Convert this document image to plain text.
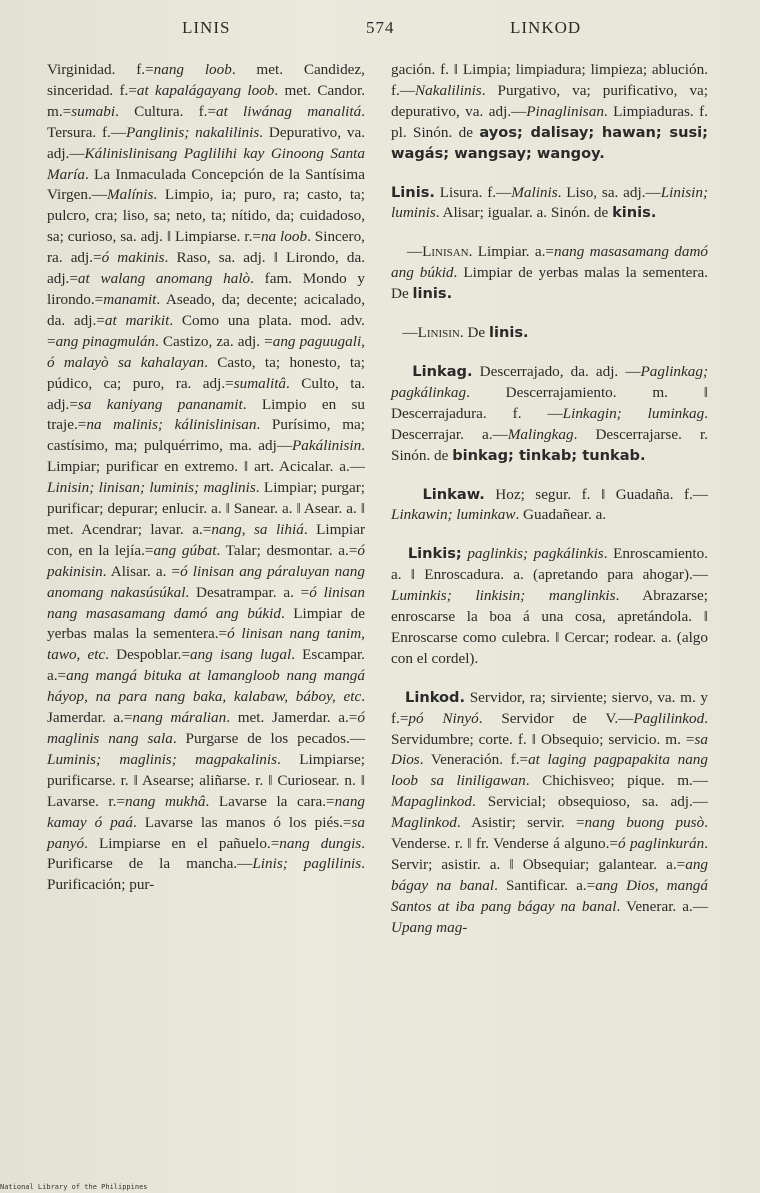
LINIS	574	LINKOD

Virginidad. f.=nang loob. met. Candidez, sinceridad. f.=at kapalágayang loob. met. Candor. m.=sumabi. Cultura. f.=at liwánag manalitá. Tersura. f.—Panglinis; nakalilinis. Depurativo, va. adj.—Kálinislinisang Paglilihi kay Ginoong Santa María. La Inmaculada Concepción de la Santísima Virgen.—Malínis. Limpio, ia; puro, ra; casto, ta; pulcro, cra; liso, sa; neto, ta; nítido, da; cuidadoso, sa; curioso, sa. adj. ‖ Limpiarse. r.=na loob. Sincero, ra. adj.=ó makinis. Raso, sa. adj. ‖ Lirondo, da. adj.=at walang anomang halò. fam. Mondo y lirondo.=manamit. Aseado, da; decente; acicalado, da. adj.=at marikit. Como una plata. mod. adv. =ang pinagmulán. Castizo, za. adj. =ang paguugali, ó malayò sa kahalayan. Casto, ta; honesto, ta; púdico, ca; puro, ra. adj.=sumalitâ. Culto, ta. adj.=sa kaniyang pananamit. Limpio en su traje.=na malinis; kálinislinisan. Purísimo, ma; castísimo, ma; pulquérrimo, ma. adj—Pakálinisin. Limpiar; purificar en extremo. ‖ art. Acicalar. a.—Linisin; linisan; luminis; maglinis. Limpiar; purgar; purificar; depurar; enlucir. a. ‖ Sanear. a. ‖ Asear. a. ‖ met. Acendrar; lavar. a.=nang, sa lihiá. Limpiar con, en la lejía.=ang gúbat. Talar; desmontar. a.=ó pakinisin. Alisar. a. =ó linisan ang páraluyan nang anomang nakasúsúkal. Desatrampar. a. =ó linisan nang masasamang damó ang búkid. Limpiar de yerbas malas la sementera.=ó linisan nang tanim, tawo, etc. Despoblar.=ang isang lugal. Escampar. a.=ang mangá bituka at lamangloob nang mangá háyop, na para nang baka, kalabaw, báboy, etc. Jamerdar. a.=nang máralian. met. Jamerdar. a.=ó maglinis nang sala. Purgarse de los pecados.—Luminis; maglinis; magpakalinis. Limpiarse; purificarse. r. ‖ Asearse; aliñarse. r. ‖ Curiosear. n. ‖ Lavarse. r.=nang mukhâ. Lavarse la cara.=nang kamay ó paá. Lavarse las manos ó los piés.=sa panyó. Limpiarse en el pañuelo.=nang dungis. Purificarse de la mancha.—Linis; paglilinis. Purificación; pur-

gación. f. ‖ Limpia; limpiadura; limpieza; ablución. f.—Nakalilinis. Purgativo, va; purificativo, va; depurativo, va. adj.—Pinaglinisan. Limpiaduras. f. pl. Sinón. de ayos; dalisay; hawan; susi; wagás; wangsay; wangoy.

Linis. Lisura. f.—Malinis. Liso, sa. adj.—Linisin; luminis. Alisar; igualar. a. Sinón. de kinis.

—Linisan. Limpiar. a.=nang masasamang damó ang búkid. Limpiar de yerbas malas la sementera. De linis.

—Linisin. De linis.

Linkag. Descerrajado, da. adj. —Paglinkag; pagkálinkag. Descerrajamiento. m. ‖ Descerrajadura. f. —Linkagin; luminkag. Descerrajar. a.—Malingkag. Descerrajarse. r. Sinón. de binkag; tinkab; tunkab.

Linkaw. Hoz; segur. f. ‖ Guadaña. f.—Linkawin; luminkaw. Guadañear. a.

Linkis; paglinkis; pagkálinkis. Enroscamiento. a. ‖ Enroscadura. a. (apretando para ahogar).—Luminkis; linkisin; manglinkis. Abrazarse; enroscarse la boa á una cosa, apretándola. ‖ Enroscarse como culebra. ‖ Cercar; rodear. a. (algo con el cordel).

Linkod. Servidor, ra; sirviente; siervo, va. m. y f.=pó Ninyó. Servidor de V.—Paglilinkod. Servidumbre; corte. f. ‖ Obsequio; servicio. m. =sa Dios. Veneración. f.=at laging pagpapakita nang loob sa liniligawan. Chichisveo; pique. m.—Mapaglinkod. Servicial; obsequioso, sa. adj.—Maglinkod. Asistir; servir. =nang buong pusò. Venderse. r. ‖ fr. Venderse á alguno.=ó paglinkurán. Servir; asistir. a. ‖ Obsequiar; galantear. a.=ang bágay na banal. Santificar. a.=ang Dios, mangá Santos at iba pang bágay na banal. Venerar. a.—Upang mag-

National Library of the Philippines
